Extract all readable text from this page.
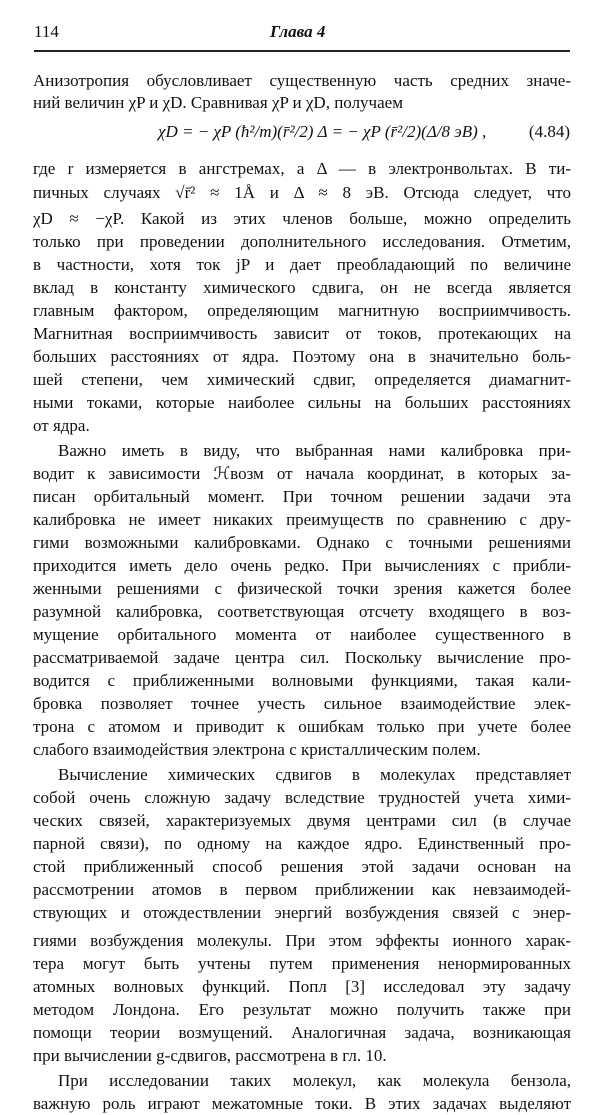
114	Глава 4
Анизотропия обусловливает существенную часть средних значе-
ний величин χP и χD. Сравнивая χP и χD, получаем
χD = − χP (ħ²/m)(r̄²/2) Δ = − χP (r̄²/2)(Δ/8 эВ) ,	(4.84)
где r измеряется в ангстремах, а Δ — в электронвольтах. В ти-
пичных случаях √r̄² ≈ 1Å и Δ ≈ 8 эВ. Отсюда следует, что
χD ≈ −χP. Какой из этих членов больше, можно определить
только при проведении дополнительного исследования. Отметим,
в частности, хотя ток jP и дает преобладающий по величине
вклад в константу химического сдвига, он не всегда является
главным фактором, определяющим магнитную восприимчивость.
Магнитная восприимчивость зависит от токов, протекающих на
больших расстояниях от ядра. Поэтому она в значительно боль-
шей степени, чем химический сдвиг, определяется диамагнит-
ными токами, которые наиболее сильны на больших расстояниях
от ядра.
Важно иметь в виду, что выбранная нами калибровка при-
водит к зависимости ℋвозм от начала координат, в которых за-
писан орбитальный момент. При точном решении задачи эта
калибровка не имеет никаких преимуществ по сравнению с дру-
гими возможными калибровками. Однако с точными решениями
приходится иметь дело очень редко. При вычислениях с прибли-
женными решениями с физической точки зрения кажется более
разумной калибровка, соответствующая отсчету входящего в воз-
мущение орбитального момента от наиболее существенного в
рассматриваемой задаче центра сил. Поскольку вычисление про-
водится с приближенными волновыми функциями, такая кали-
бровка позволяет точнее учесть сильное взаимодействие элек-
трона с атомом и приводит к ошибкам только при учете более
слабого взаимодействия электрона с кристаллическим полем.
Вычисление химических сдвигов в молекулах представляет
собой очень сложную задачу вследствие трудностей учета хими-
ческих связей, характеризуемых двумя центрами сил (в случае
парной связи), по одному на каждое ядро. Единственный про-
стой приближенный способ решения этой задачи основан на
рассмотрении атомов в первом приближении как невзаимодей-
ствующих и отождествлении энергий возбуждения связей с энер-
гиями возбуждения молекулы. При этом эффекты ионного харак-
тера могут быть учтены путем применения ненормированных
атомных волновых функций. Попл [3] исследовал эту задачу
методом Лондона. Его результат можно получить также при
помощи теории возмущений. Аналогичная задача, возникающая
при вычислении g-сдвигов, рассмотрена в гл. 10.
При исследовании таких молекул, как молекула бензола,
важную роль играют межатомные токи. В этих задачах выделяют
